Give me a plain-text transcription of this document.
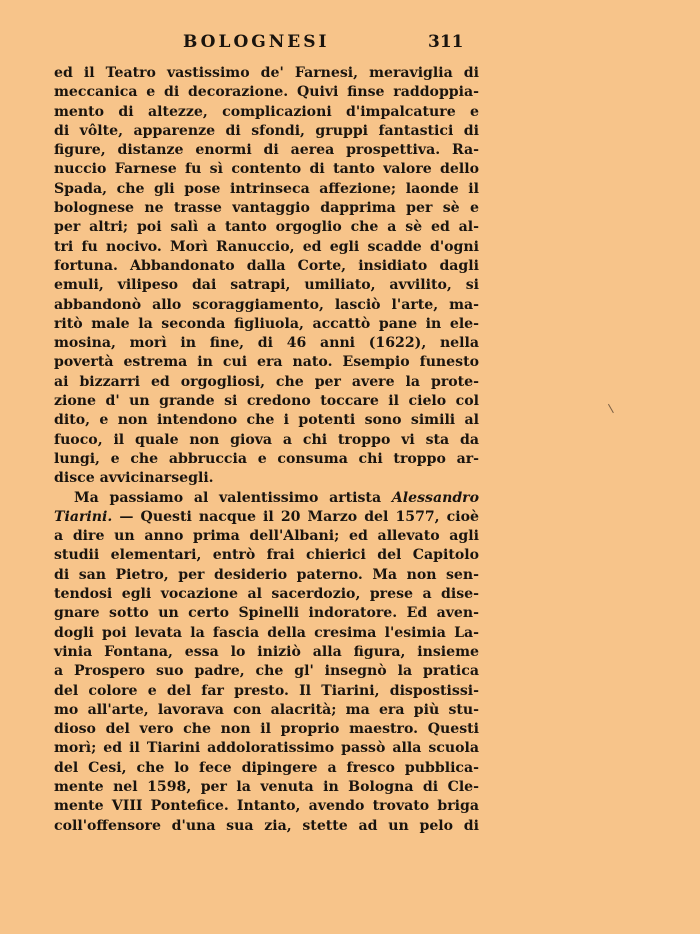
BOLOGNESI	311
ed il Teatro vastissimo de' Farnesi, meraviglia di
meccanica e di decorazione. Quivi finse raddoppia-
mento di altezze, complicazioni d'impalcature e
di vôlte, apparenze di sfondi, gruppi fantastici di
figure, distanze enormi di aerea prospettiva. Ra-
nuccio Farnese fu sì contento di tanto valore dello
Spada, che gli pose intrinseca affezione; laonde il
bolognese ne trasse vantaggio dapprima per sè e
per altri; poi salì a tanto orgoglio che a sè ed al-
tri fu nocivo. Morì Ranuccio, ed egli scadde d'ogni
fortuna. Abbandonato dalla Corte, insidiato dagli
emuli, vilipeso dai satrapi, umiliato, avvilito, si
abbandonò allo scoraggiamento, lasciò l'arte, ma-
ritò male la seconda figliuola, accattò pane in ele-
mosina, morì in fine, di 46 anni (1622), nella
povertà estrema in cui era nato. Esempio funesto
ai bizzarri ed orgogliosi, che per avere la prote-
zione d' un grande si credono toccare il cielo col
dito, e non intendono che i potenti sono simili al
fuoco, il quale non giova a chi troppo vi sta da
lungi, e che abbruccia e consuma chi troppo ar-
disce avvicinarsegli.
Ma passiamo al valentissimo artista Alessandro
Tiarini. — Questi nacque il 20 Marzo del 1577, cioè
a dire un anno prima dell'Albani; ed allevato agli
studii elementari, entrò frai chierici del Capitolo
di san Pietro, per desiderio paterno. Ma non sen-
tendosi egli vocazione al sacerdozio, prese a dise-
gnare sotto un certo Spinelli indoratore. Ed aven-
dogli poi levata la fascia della cresima l'esimia La-
vinia Fontana, essa lo iniziò alla figura, insieme
a Prospero suo padre, che gl' insegnò la pratica
del colore e del far presto. Il Tiarini, dispostissi-
mo all'arte, lavorava con alacrità; ma era più stu-
dioso del vero che non il proprio maestro. Questi
morì; ed il Tiarini addoloratissimo passò alla scuola
del Cesi, che lo fece dipingere a fresco pubblica-
mente nel 1598, per la venuta in Bologna di Cle-
mente VIII Pontefice. Intanto, avendo trovato briga
coll'offensore d'una sua zia, stette ad un pelo di
